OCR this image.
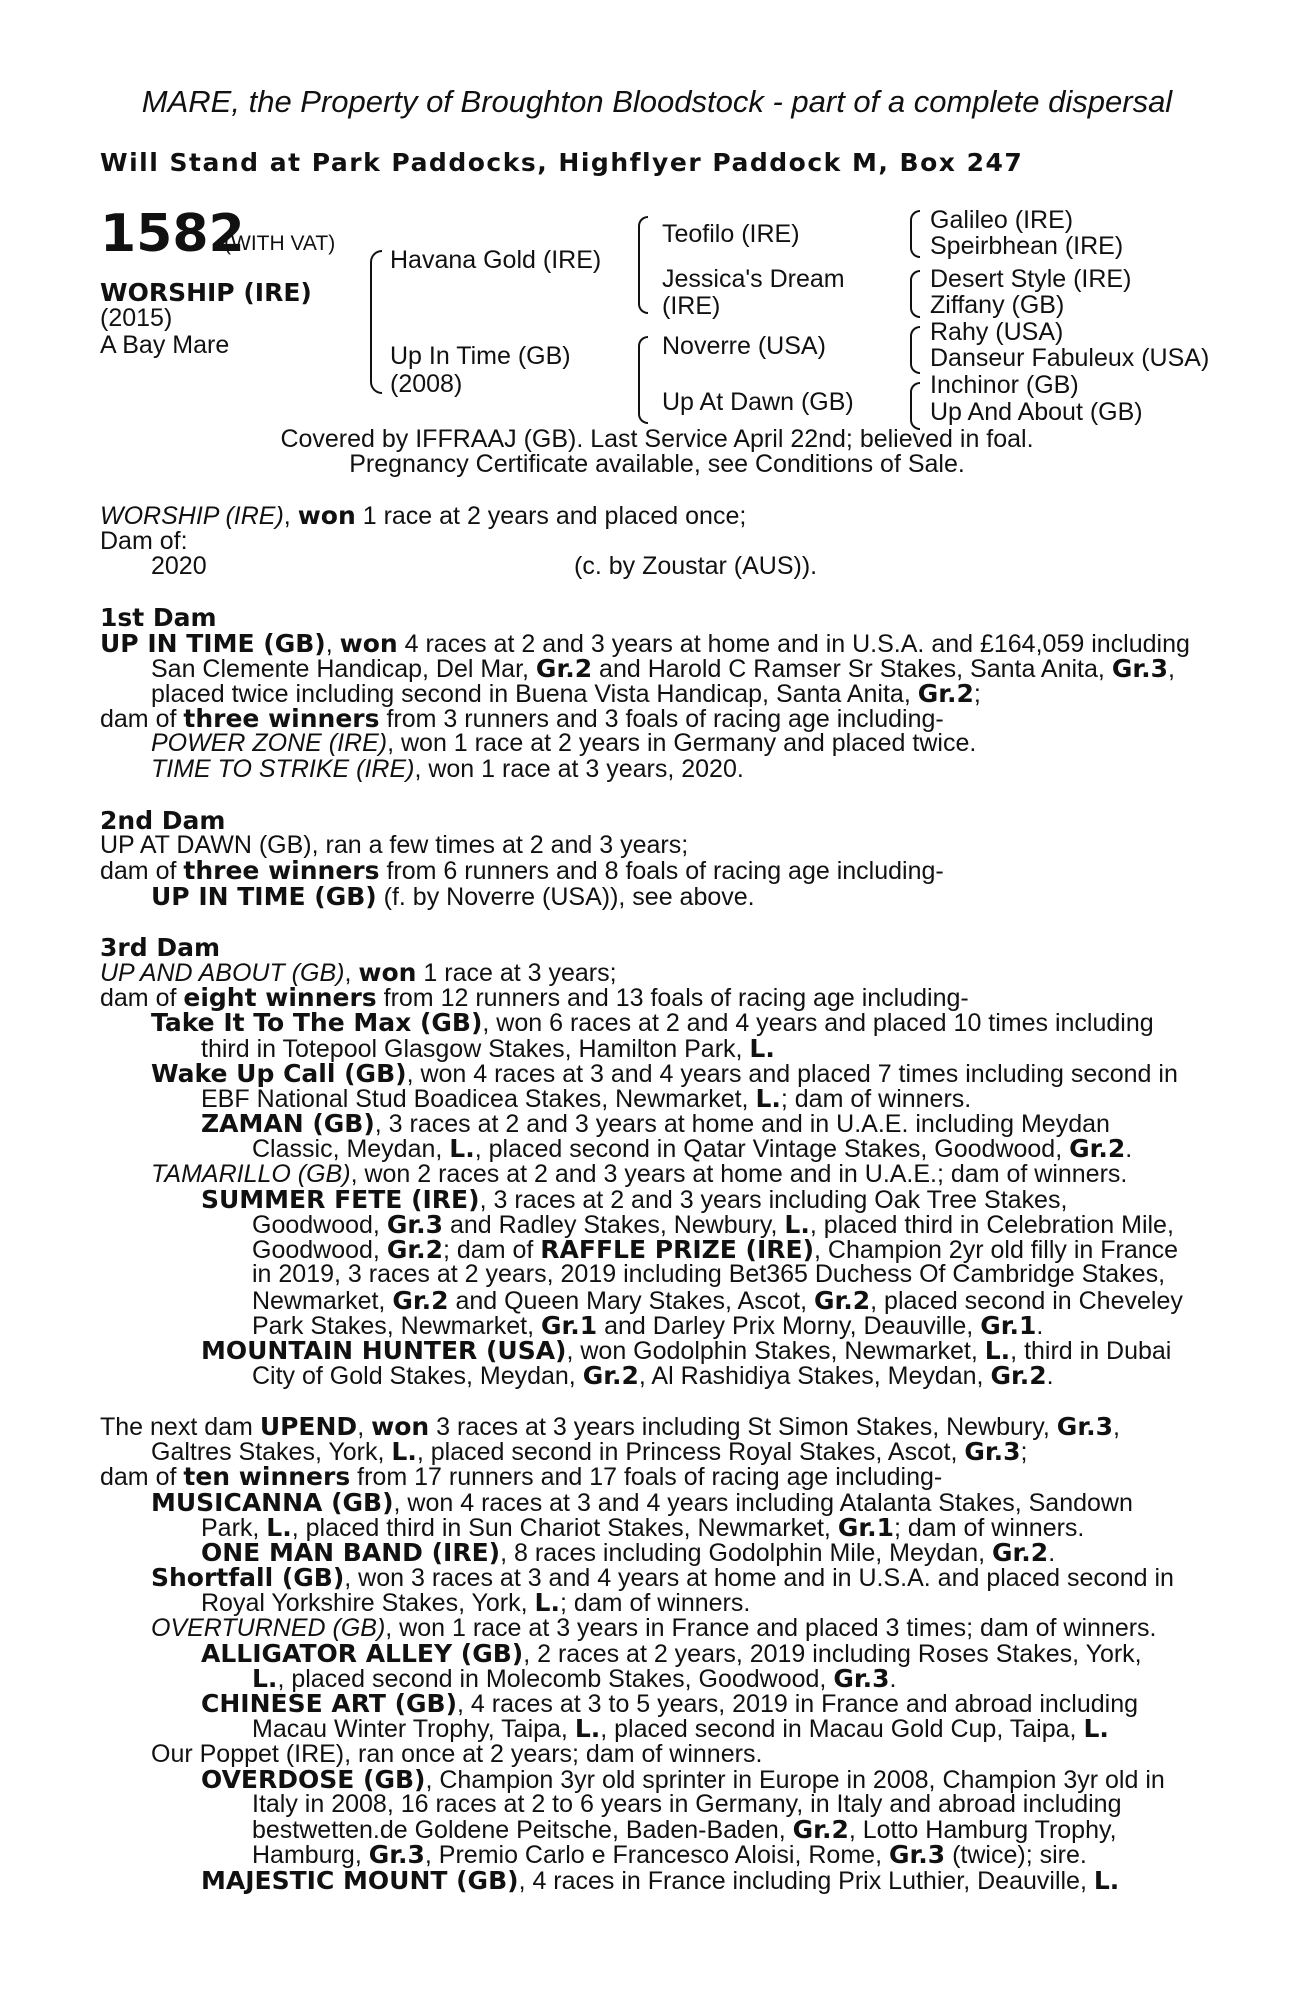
MARE, the Property of Broughton Bloodstock - part of a complete dispersal
Will Stand at Park Paddocks, Highflyer Paddock M, Box 247
1582
(WITH VAT)
WORSHIP (IRE)
(2015)
A Bay Mare
Havana Gold (IRE)
Up In Time (GB)
(2008)
Teofilo (IRE)
Jessica's Dream
(IRE)
Noverre (USA)
Up At Dawn (GB)
Galileo (IRE)
Speirbhean (IRE)
Desert Style (IRE)
Ziffany (GB)
Rahy (USA)
Danseur Fabuleux (USA)
Inchinor (GB)
Up And About (GB)
Covered by IFFRAAJ (GB). Last Service April 22nd; believed in foal.
Pregnancy Certificate available, see Conditions of Sale.
WORSHIP (IRE), won 1 race at 2 years and placed once;
Dam of:
2020	(c. by Zoustar (AUS)).
1st Dam
UP IN TIME (GB), won 4 races at 2 and 3 years at home and in U.S.A. and £164,059 including
San Clemente Handicap, Del Mar, Gr.2 and Harold C Ramser Sr Stakes, Santa Anita, Gr.3,
placed twice including second in Buena Vista Handicap, Santa Anita, Gr.2;
dam of three winners from 3 runners and 3 foals of racing age including-
POWER ZONE (IRE), won 1 race at 2 years in Germany and placed twice.
TIME TO STRIKE (IRE), won 1 race at 3 years, 2020.
2nd Dam
UP AT DAWN (GB), ran a few times at 2 and 3 years;
dam of three winners from 6 runners and 8 foals of racing age including-
UP IN TIME (GB) (f. by Noverre (USA)), see above.
3rd Dam
UP AND ABOUT (GB), won 1 race at 3 years;
dam of eight winners from 12 runners and 13 foals of racing age including-
Take It To The Max (GB), won 6 races at 2 and 4 years and placed 10 times including
third in Totepool Glasgow Stakes, Hamilton Park, L.
Wake Up Call (GB), won 4 races at 3 and 4 years and placed 7 times including second in
EBF National Stud Boadicea Stakes, Newmarket, L.; dam of winners.
ZAMAN (GB), 3 races at 2 and 3 years at home and in U.A.E. including Meydan
Classic, Meydan, L., placed second in Qatar Vintage Stakes, Goodwood, Gr.2.
TAMARILLO (GB), won 2 races at 2 and 3 years at home and in U.A.E.; dam of winners.
SUMMER FETE (IRE), 3 races at 2 and 3 years including Oak Tree Stakes,
Goodwood, Gr.3 and Radley Stakes, Newbury, L., placed third in Celebration Mile,
Goodwood, Gr.2; dam of RAFFLE PRIZE (IRE), Champion 2yr old filly in France
in 2019, 3 races at 2 years, 2019 including Bet365 Duchess Of Cambridge Stakes,
Newmarket, Gr.2 and Queen Mary Stakes, Ascot, Gr.2, placed second in Cheveley
Park Stakes, Newmarket, Gr.1 and Darley Prix Morny, Deauville, Gr.1.
MOUNTAIN HUNTER (USA), won Godolphin Stakes, Newmarket, L., third in Dubai
City of Gold Stakes, Meydan, Gr.2, Al Rashidiya Stakes, Meydan, Gr.2.
The next dam UPEND, won 3 races at 3 years including St Simon Stakes, Newbury, Gr.3,
Galtres Stakes, York, L., placed second in Princess Royal Stakes, Ascot, Gr.3;
dam of ten winners from 17 runners and 17 foals of racing age including-
MUSICANNA (GB), won 4 races at 3 and 4 years including Atalanta Stakes, Sandown
Park, L., placed third in Sun Chariot Stakes, Newmarket, Gr.1; dam of winners.
ONE MAN BAND (IRE), 8 races including Godolphin Mile, Meydan, Gr.2.
Shortfall (GB), won 3 races at 3 and 4 years at home and in U.S.A. and placed second in
Royal Yorkshire Stakes, York, L.; dam of winners.
OVERTURNED (GB), won 1 race at 3 years in France and placed 3 times; dam of winners.
ALLIGATOR ALLEY (GB), 2 races at 2 years, 2019 including Roses Stakes, York,
L., placed second in Molecomb Stakes, Goodwood, Gr.3.
CHINESE ART (GB), 4 races at 3 to 5 years, 2019 in France and abroad including
Macau Winter Trophy, Taipa, L., placed second in Macau Gold Cup, Taipa, L.
Our Poppet (IRE), ran once at 2 years; dam of winners.
OVERDOSE (GB), Champion 3yr old sprinter in Europe in 2008, Champion 3yr old in
Italy in 2008, 16 races at 2 to 6 years in Germany, in Italy and abroad including
bestwetten.de Goldene Peitsche, Baden-Baden, Gr.2, Lotto Hamburg Trophy,
Hamburg, Gr.3, Premio Carlo e Francesco Aloisi, Rome, Gr.3 (twice); sire.
MAJESTIC MOUNT (GB), 4 races in France including Prix Luthier, Deauville, L.
